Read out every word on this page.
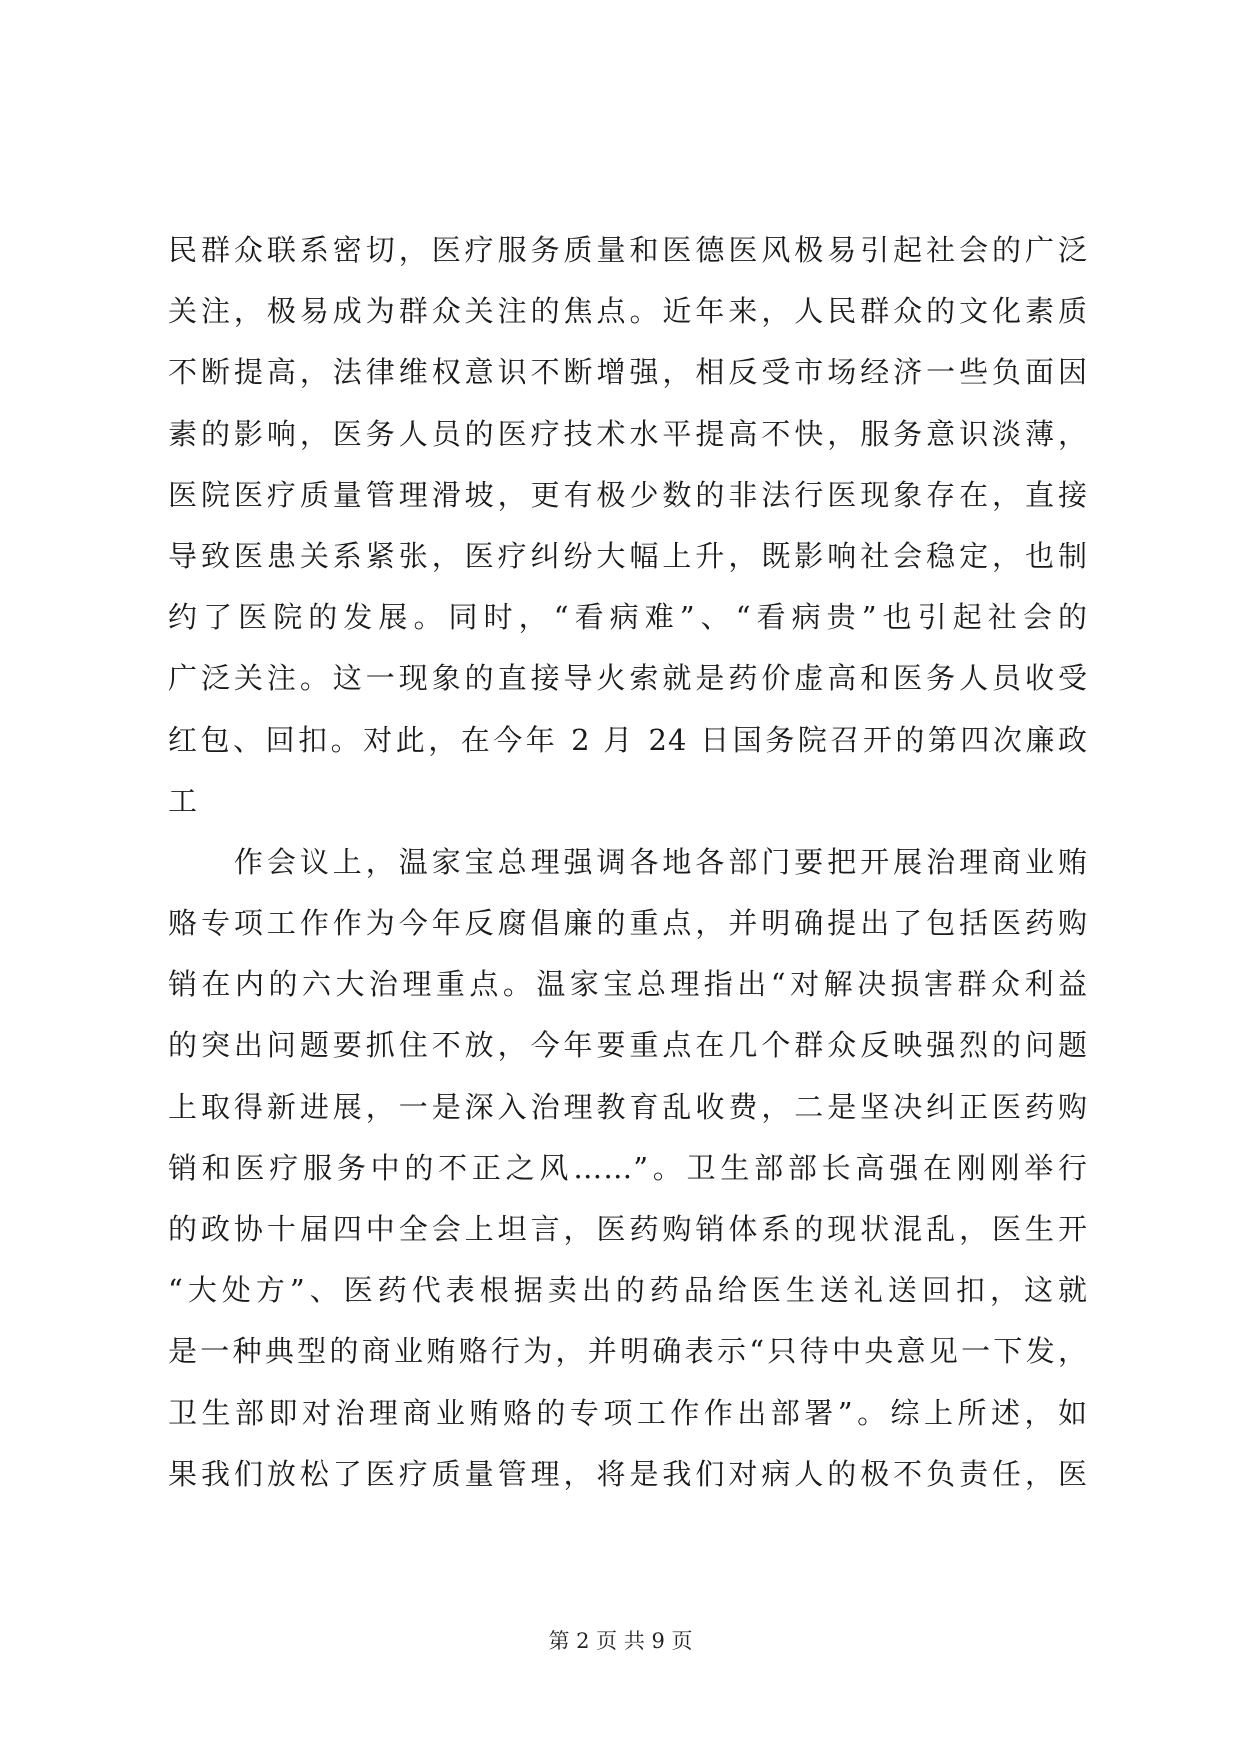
民群众联系密切，医疗服务质量和医德医风极易引起社会的广泛
关注，极易成为群众关注的焦点。近年来，人民群众的文化素质
不断提高，法律维权意识不断增强，相反受市场经济一些负面因
素的影响，医务人员的医疗技术水平提高不快，服务意识淡薄，
医院医疗质量管理滑坡，更有极少数的非法行医现象存在，直接
导致医患关系紧张，医疗纠纷大幅上升，既影响社会稳定，也制
约了医院的发展。同时，“看病难”、“看病贵”也引起社会的
广泛关注。这一现象的直接导火索就是药价虚高和医务人员收受
红包、回扣。对此，在今年 2 月 24 日国务院召开的第四次廉政
工
　　作会议上，温家宝总理强调各地各部门要把开展治理商业贿
赂专项工作作为今年反腐倡廉的重点，并明确提出了包括医药购
销在内的六大治理重点。温家宝总理指出“对解决损害群众利益
的突出问题要抓住不放，今年要重点在几个群众反映强烈的问题
上取得新进展，一是深入治理教育乱收费，二是坚决纠正医药购
销和医疗服务中的不正之风……”。卫生部部长高强在刚刚举行
的政协十届四中全会上坦言，医药购销体系的现状混乱，医生开
“大处方”、医药代表根据卖出的药品给医生送礼送回扣，这就
是一种典型的商业贿赂行为，并明确表示“只待中央意见一下发，
卫生部即对治理商业贿赂的专项工作作出部署”。综上所述，如
果我们放松了医疗质量管理，将是我们对病人的极不负责任，医
第 2 页 共 9 页
